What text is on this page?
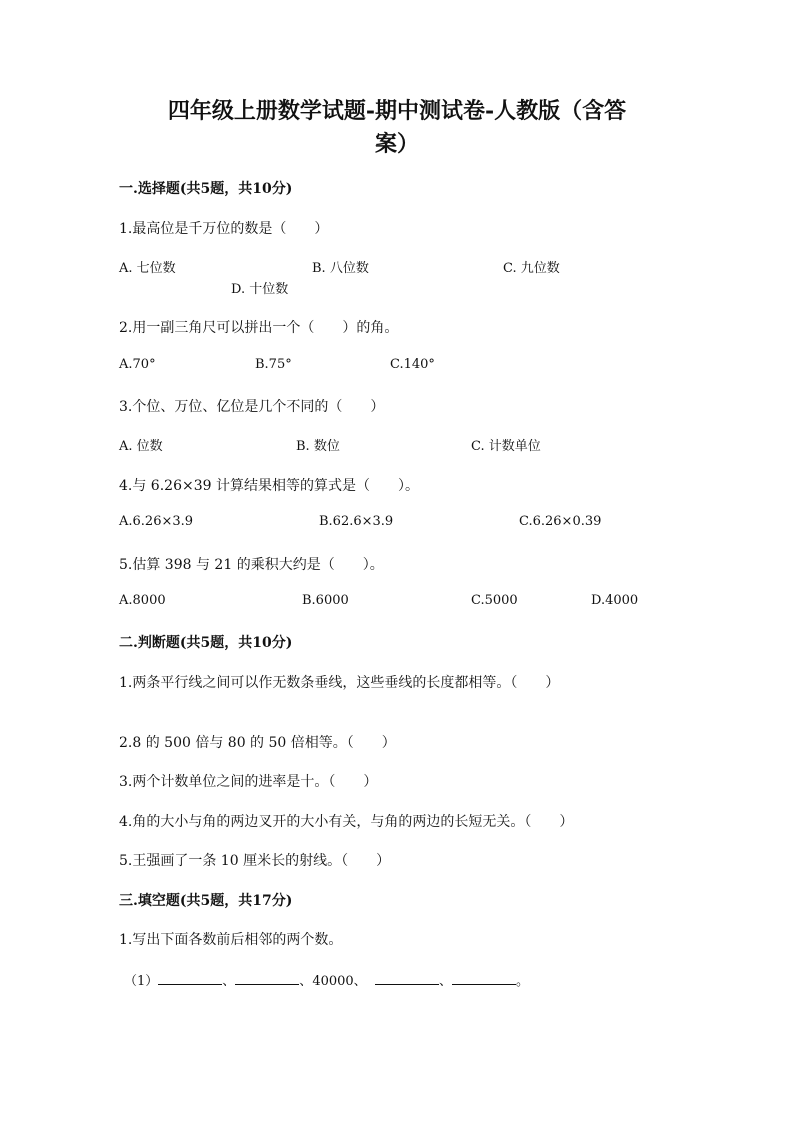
四年级上册数学试题-期中测试卷-人教版（含答
案）
一.选择题(共5题，共10分)
1.最高位是千万位的数是（　　）
A. 七位数	B. 八位数	C. 九位数
D. 十位数
2.用一副三角尺可以拼出一个（　　）的角。
A.70°	B.75°	C.140°
3.个位、万位、亿位是几个不同的（　　）
A. 位数	B. 数位	C. 计数单位
4.与 6.26×39 计算结果相等的算式是（　　）。
A.6.26×3.9	B.62.6×3.9	C.6.26×0.39
5.估算 398 与 21 的乘积大约是（　　）。
A.8000	B.6000	C.5000	D.4000
二.判断题(共5题，共10分)
1.两条平行线之间可以作无数条垂线，这些垂线的长度都相等。（　　）
2.8 的 500 倍与 80 的 50 倍相等。（　　）
3.两个计数单位之间的进率是十。（　　）
4.角的大小与角的两边叉开的大小有关，与角的两边的长短无关。（　　）
5.王强画了一条 10 厘米长的射线。（　　）
三.填空题(共5题，共17分)
1.写出下面各数前后相邻的两个数。
（1）	、	、40000、	、	。
